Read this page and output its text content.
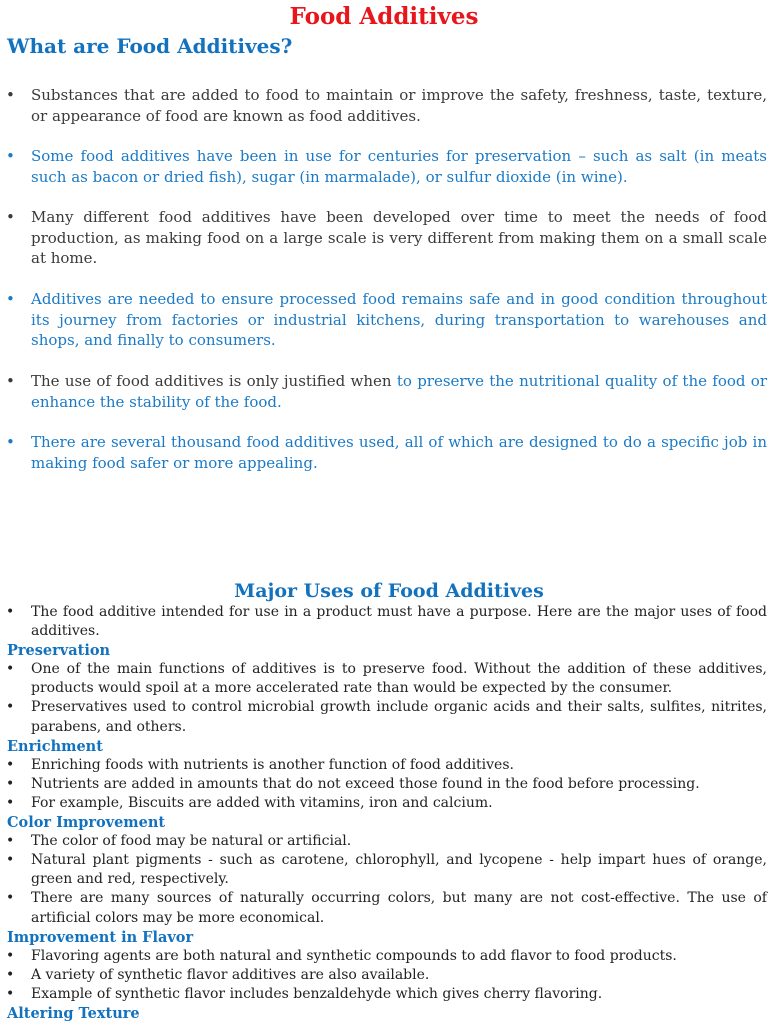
Food Additives
What are Food Additives?
•	Substances that are added to food to maintain or improve the safety, freshness, taste, texture, or appearance of food are known as food additives.
•	Some food additives have been in use for centuries for preservation – such as salt (in meats such as bacon or dried fish), sugar (in marmalade), or sulfur dioxide (in wine).
•	Many different food additives have been developed over time to meet the needs of food production, as making food on a large scale is very different from making them on a small scale at home.
•	Additives are needed to ensure processed food remains safe and in good condition throughout its journey from factories or industrial kitchens, during transportation to warehouses and shops, and finally to consumers.
•	The use of food additives is only justified when to preserve the nutritional quality of the food or enhance the stability of the food.
•	There are several thousand food additives used, all of which are designed to do a specific job in making food safer or more appealing.
Major Uses of Food Additives
•	The food additive intended for use in a product must have a purpose. Here are the major uses of food additives.
Preservation
•	One of the main functions of additives is to preserve food. Without the addition of these additives, products would spoil at a more accelerated rate than would be expected by the consumer.
•	Preservatives used to control microbial growth include organic acids and their salts, sulfites, nitrites, parabens, and others.
Enrichment
•	Enriching foods with nutrients is another function of food additives.
•	Nutrients are added in amounts that do not exceed those found in the food before processing.
•	For example, Biscuits are added with vitamins, iron and calcium.
Color Improvement
•	The color of food may be natural or artificial.
•	Natural plant pigments - such as carotene, chlorophyll, and lycopene - help impart hues of orange, green and red, respectively.
•	There are many sources of naturally occurring colors, but many are not cost-effective. The use of artificial colors may be more economical.
Improvement in Flavor
•	Flavoring agents are both natural and synthetic compounds to add flavor to food products.
•	A variety of synthetic flavor additives are also available.
•	Example of synthetic flavor includes benzaldehyde which gives cherry flavoring.
Altering Texture
